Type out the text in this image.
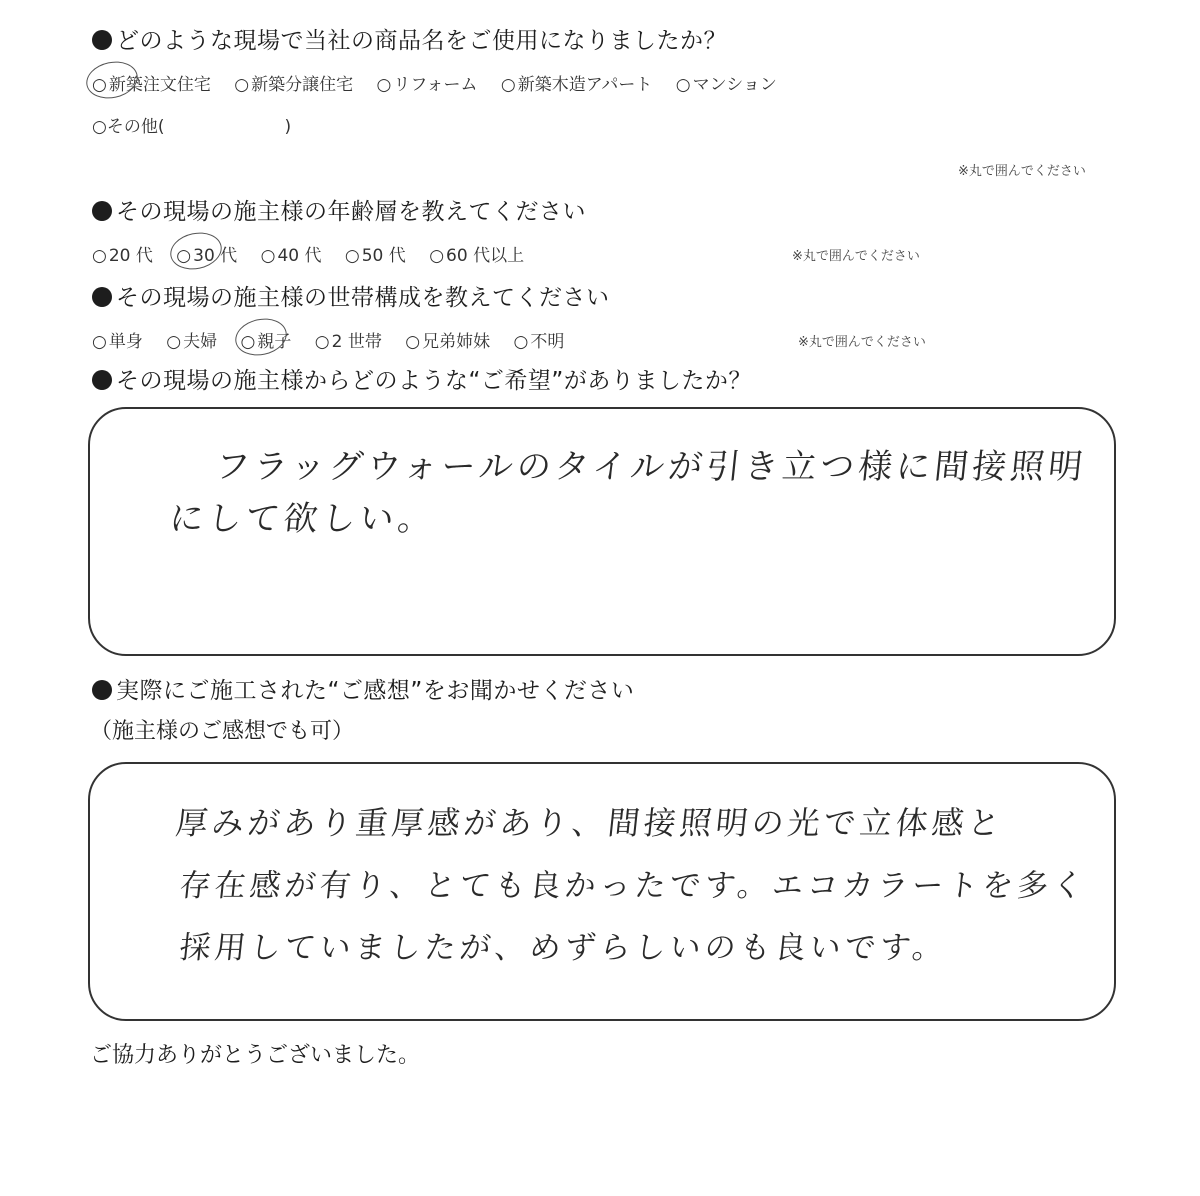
どのような現場で当社の商品名をご使用になりましたか？
○ 新築注文住宅 ○ 新築分譲住宅 ○ リフォーム ○ 新築木造アパート ○ マンション
○その他(	)
※丸で囲んでください
その現場の施主様の年齢層を教えてください
○ 20 代 ○ 30 代 ○ 40 代 ○ 50 代 ○ 60 代以上	※丸で囲んでください
その現場の施主様の世帯構成を教えてください
○ 単身 ○ 夫婦 ○ 親子 ○ 2 世帯 ○ 兄弟姉妹 ○ 不明	※丸で囲んでください
その現場の施主様からどのような“ご希望”がありましたか？
フラッグウォールのタイルが引き立つ様に間接照明
にして欲しい。
実際にご施工された“ご感想”をお聞かせください
（施主様のご感想でも可）
厚みがあり重厚感があり、間接照明の光で立体感と
存在感が有り、とても良かったです。エコカラートを多く
採用していましたが、めずらしいのも良いです。
ご協力ありがとうございました。
